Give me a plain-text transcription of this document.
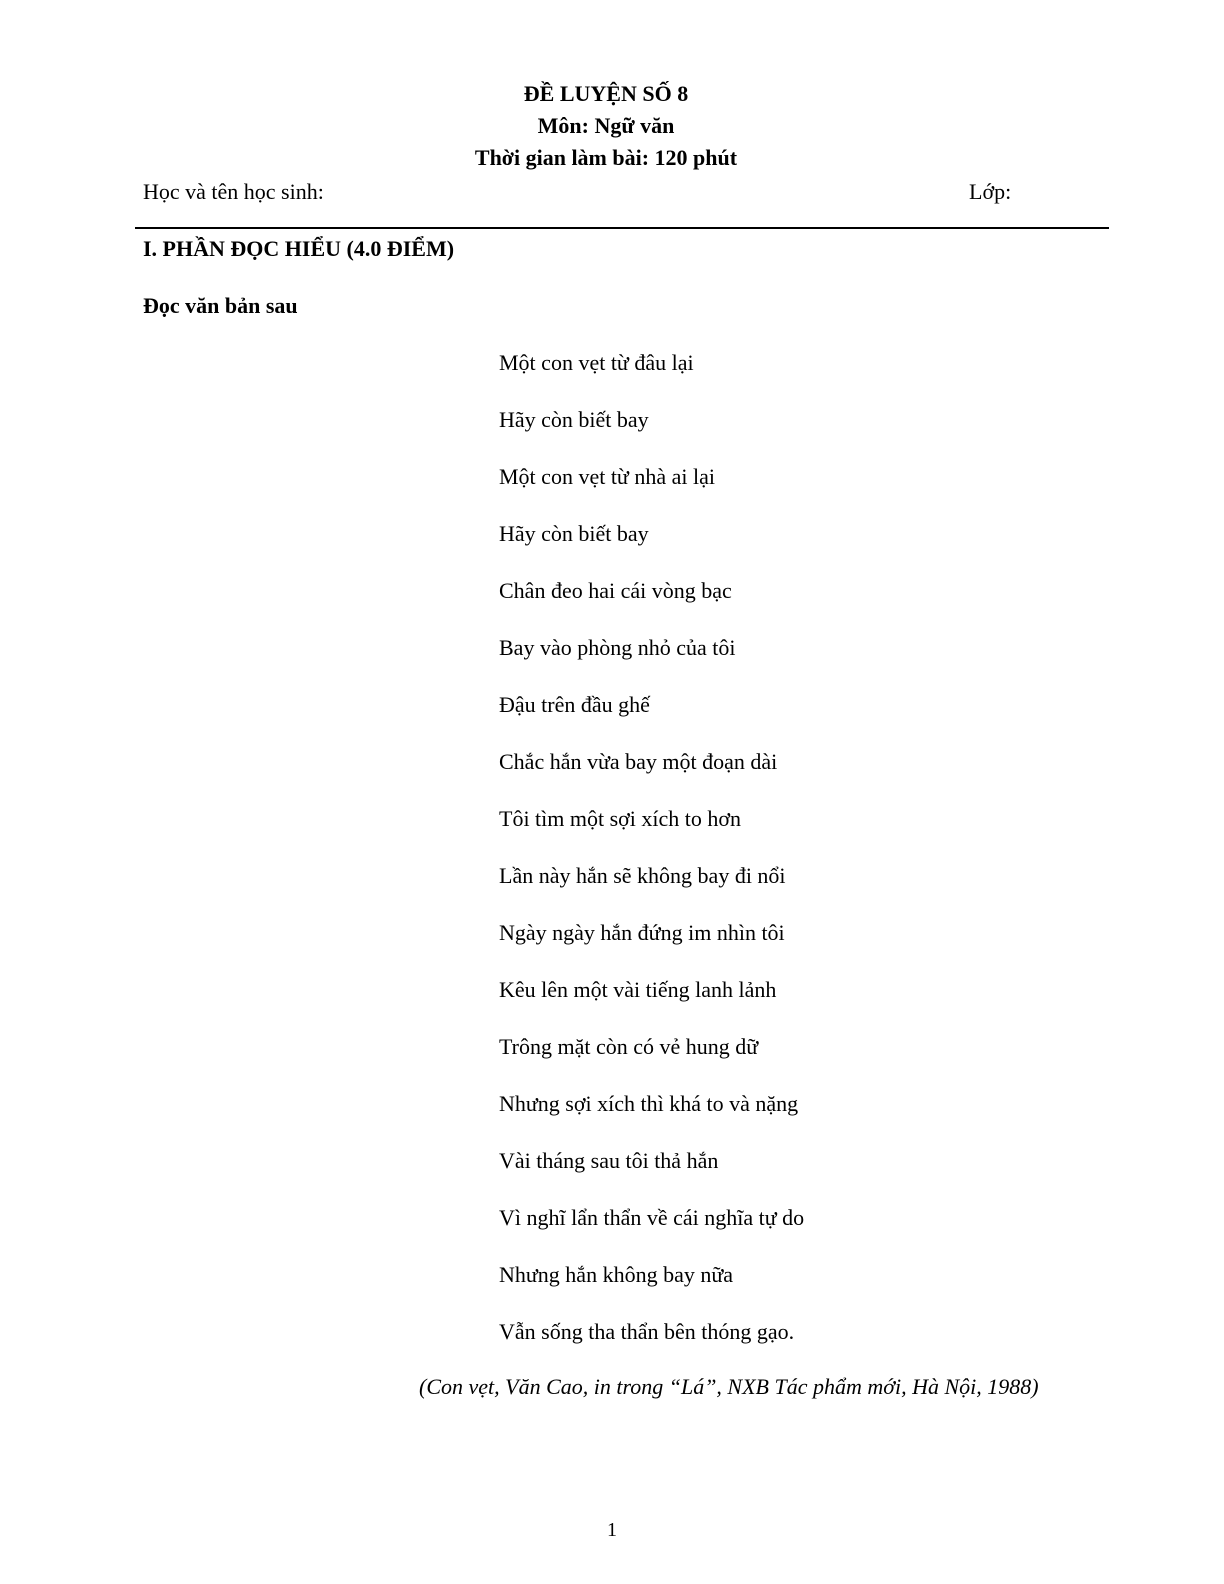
ĐỀ LUYỆN SỐ 8
Môn: Ngữ văn
Thời gian làm bài: 120 phút
Học và tên học sinh:	Lớp:
I. PHẦN ĐỌC HIỂU (4.0 ĐIỂM)
Đọc văn bản sau
Một con vẹt từ đâu lại
Hãy còn biết bay
Một con vẹt từ nhà ai lại
Hãy còn biết bay
Chân đeo hai cái vòng bạc
Bay vào phòng nhỏ của tôi
Đậu trên đầu ghế
Chắc hắn vừa bay một đoạn dài
Tôi tìm một sợi xích to hơn
Lần này hắn sẽ không bay đi nổi
Ngày ngày hắn đứng im nhìn tôi
Kêu lên một vài tiếng lanh lảnh
Trông mặt còn có vẻ hung dữ
Nhưng sợi xích thì khá to và nặng
Vài tháng sau tôi thả hắn
Vì nghĩ lẩn thẩn về cái nghĩa tự do
Nhưng hắn không bay nữa
Vẫn sống tha thẩn bên thóng gạo.
(Con vẹt, Văn Cao, in trong “Lá”, NXB Tác phẩm mới, Hà Nội, 1988)
1
